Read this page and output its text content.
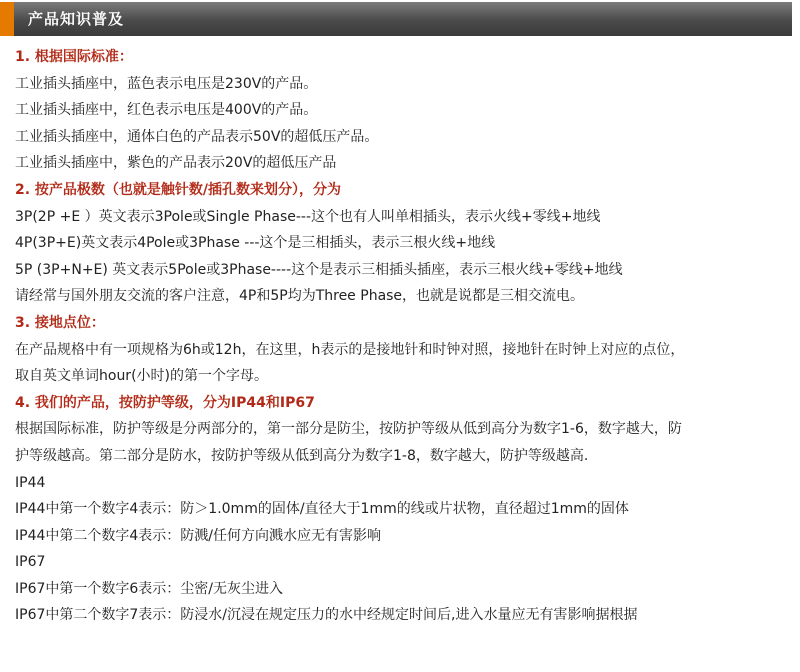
产品知识普及
1. 根据国际标准：
工业插头插座中，蓝色表示电压是230V的产品。
工业插头插座中，红色表示电压是400V的产品。
工业插头插座中，通体白色的产品表示50V的超低压产品。
工业插头插座中，紫色的产品表示20V的超低压产品
2. 按产品极数（也就是触针数/插孔数来划分），分为
3P(2P +E ）英文表示3Pole或Single Phase---这个也有人叫单相插头，表示火线+零线+地线
4P(3P+E)英文表示4Pole或3Phase ---这个是三相插头，表示三根火线+地线
5P (3P+N+E) 英文表示5Pole或3Phase----这个是表示三相插头插座，表示三根火线+零线+地线
请经常与国外朋友交流的客户注意，4P和5P均为Three Phase，也就是说都是三相交流电。
3. 接地点位：
在产品规格中有一项规格为6h或12h，在这里，h表示的是接地针和时钟对照，接地针在时钟上对应的点位，
取自英文单词hour(小时)的第一个字母。
4. 我们的产品，按防护等级，分为IP44和IP67
根据国际标准，防护等级是分两部分的，第一部分是防尘，按防护等级从低到高分为数字1-6，数字越大，防
护等级越高。第二部分是防水，按防护等级从低到高分为数字1-8，数字越大，防护等级越高.
IP44
IP44中第一个数字4表示：防＞1.0mm的固体/直径大于1mm的线或片状物，直径超过1mm的固体
IP44中第二个数字4表示：防溅/任何方向溅水应无有害影响
IP67
IP67中第一个数字6表示：尘密/无灰尘进入
IP67中第二个数字7表示：防浸水/沉浸在规定压力的水中经规定时间后,进入水量应无有害影响据根据
